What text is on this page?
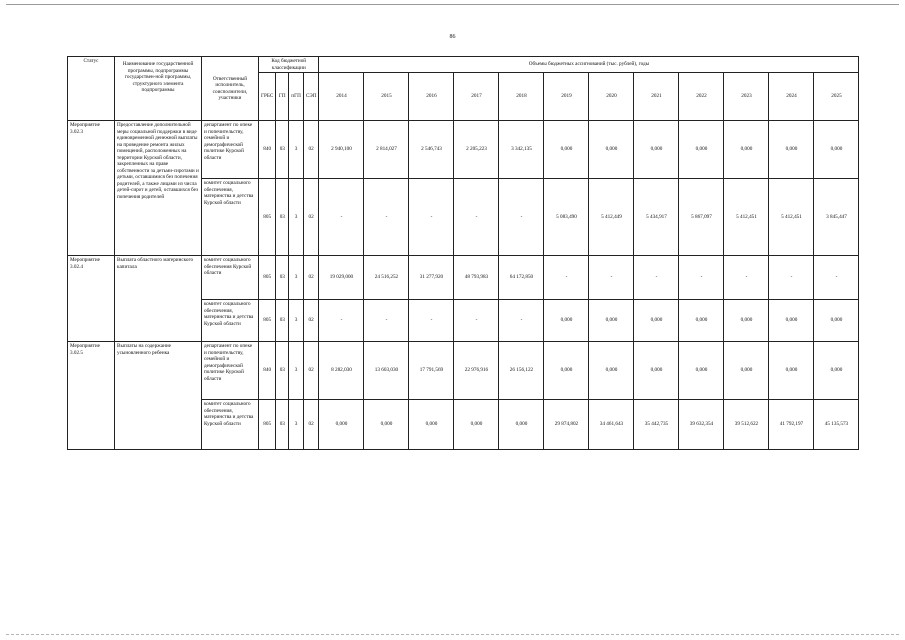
86
Статус	Наименование государственной программы, подпрограммы государствен-ной программы, структурного элемента подпрограммы	Ответственный исполнитель, соисполнители, участники	Код бюджетной классификации				Объемы бюджетных ассигнований (тыс. рублей), годы											
			ГРБС	ГП	пГП	СЭП	2014	2015	2016	2017	2018	2019	2020	2021	2022	2023	2024	2025
Мероприятие 3.02.3	Предоставление дополнительной меры социальной поддержки в виде единовременной денежной выплаты на проведение ремонта жилых помещений, расположенных на территории Курской области, закрепленных на праве собственности за детьми-сиротами и детьми, оставшимися без попечения родителей, а также лицами из числа детей-сирот и детей, оставшихся без попечения родителей	департамент по опеке и попечительству, семейной и демографической политике Курской области	840	03	3	02	2 940,100	2 814,027	2 546,743	2 205,223	3 342,135	0,000	0,000	0,000	0,000	0,000	0,000	0,000
		комитет социального обеспечения, материнства и детства Курской области	805	03	3	02	-	-	-	-	-	5 083,490	5 412,449	5 434,917	5 867,097	5 412,451	5 412,451	3 845,447
Мероприятие 3.02.4	Выплата областного материнского капитала	комитет социального обеспечения Курской области	805	03	3	02	19 029,000	24 516,252	31 277,920	48 793,983	64 172,850	-	-	-	-	-	-	-
		комитет социального обеспечения, материнства и детства Курской области	805	03	3	02	-	-	-	-	-	0,000	0,000	0,000	0,000	0,000	0,000	0,000
Мероприятие 3.02.5	Выплаты на содержание усыновленного ребенка	департамент по опеке и попечительству, семейной и демографической политике Курской области	840	03	3	02	8 282,030	13 603,030	17 791,569	22 976,916	26 156,122	0,000	0,000	0,000	0,000	0,000	0,000	0,000
		комитет социального обеспечения, материнства и детства Курской области	805	03	3	02	0,000	0,000	0,000	0,000	0,000	29 874,802	34 461,643	35 442,735	39 632,354	39 512,622	41 792,197	45 135,573
